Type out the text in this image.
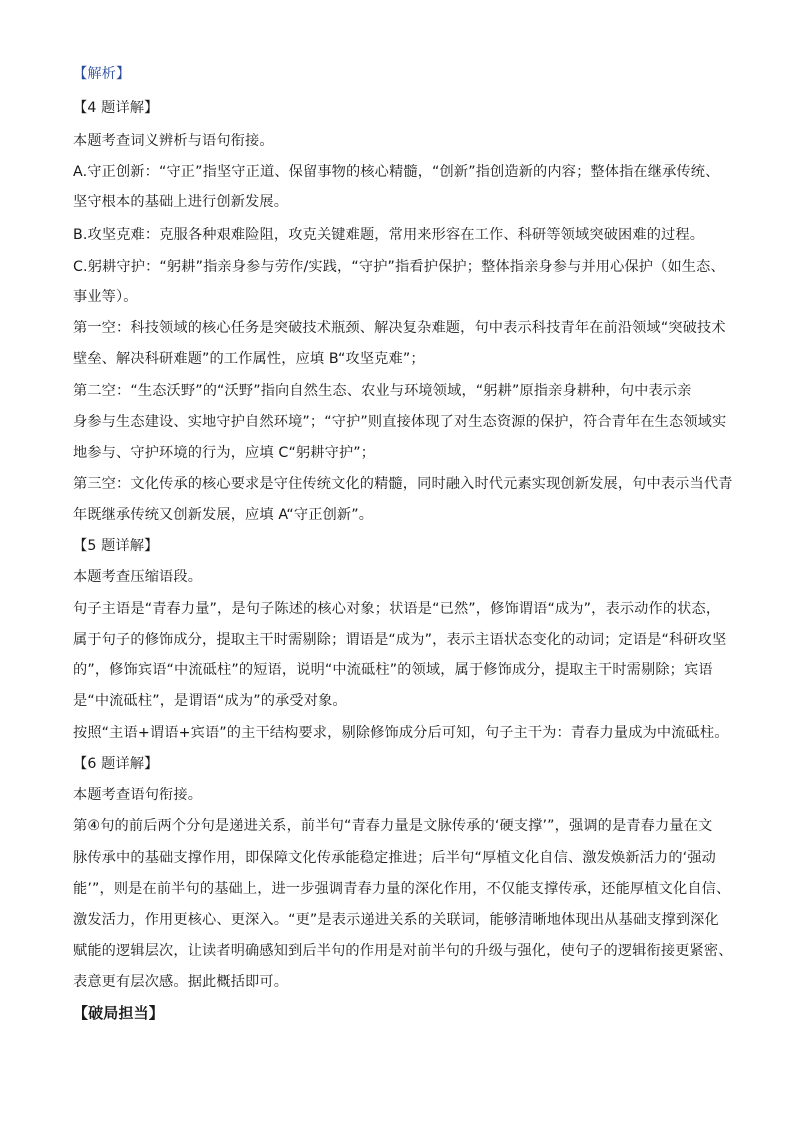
【解析】
【4 题详解】
本题考查词义辨析与语句衔接。
A.守正创新：“守正”指坚守正道、保留事物的核心精髓，“创新”指创造新的内容；整体指在继承传统、
坚守根本的基础上进行创新发展。
B.攻坚克难：克服各种艰难险阻，攻克关键难题，常用来形容在工作、科研等领域突破困难的过程。
C.躬耕守护：“躬耕”指亲身参与劳作/实践，“守护”指看护保护；整体指亲身参与并用心保护（如生态、
事业等）。
第一空：科技领域的核心任务是突破技术瓶颈、解决复杂难题，句中表示科技青年在前沿领域“突破技术
壁垒、解决科研难题”的工作属性，应填 B“攻坚克难”；
第二空：“生态沃野”的“沃野”指向自然生态、农业与环境领域，“躬耕”原指亲身耕种，句中表示亲
身参与生态建设、实地守护自然环境”；“守护”则直接体现了对生态资源的保护，符合青年在生态领域实
地参与、守护环境的行为，应填 C“躬耕守护”；
第三空：文化传承的核心要求是守住传统文化的精髓，同时融入时代元素实现创新发展，句中表示当代青
年既继承传统又创新发展，应填 A“守正创新”。
【5 题详解】
本题考查压缩语段。
句子主语是“青春力量”，是句子陈述的核心对象；状语是“已然”，修饰谓语“成为”，表示动作的状态，
属于句子的修饰成分，提取主干时需剔除；谓语是“成为”，表示主语状态变化的动词；定语是“科研攻坚
的”，修饰宾语“中流砥柱”的短语，说明“中流砥柱”的领域，属于修饰成分，提取主干时需剔除；宾语
是“中流砥柱”，是谓语“成为”的承受对象。
按照“主语+谓语+宾语”的主干结构要求，剔除修饰成分后可知，句子主干为：青春力量成为中流砥柱。
【6 题详解】
本题考查语句衔接。
第④句的前后两个分句是递进关系，前半句“青春力量是文脉传承的‘硬支撑’”，强调的是青春力量在文
脉传承中的基础支撑作用，即保障文化传承能稳定推进；后半句“厚植文化自信、激发焕新活力的‘强动
能’”，则是在前半句的基础上，进一步强调青春力量的深化作用，不仅能支撑传承，还能厚植文化自信、
激发活力，作用更核心、更深入。“更”是表示递进关系的关联词，能够清晰地体现出从基础支撑到深化
赋能的逻辑层次，让读者明确感知到后半句的作用是对前半句的升级与强化，使句子的逻辑衔接更紧密、
表意更有层次感。据此概括即可。
【破局担当】
